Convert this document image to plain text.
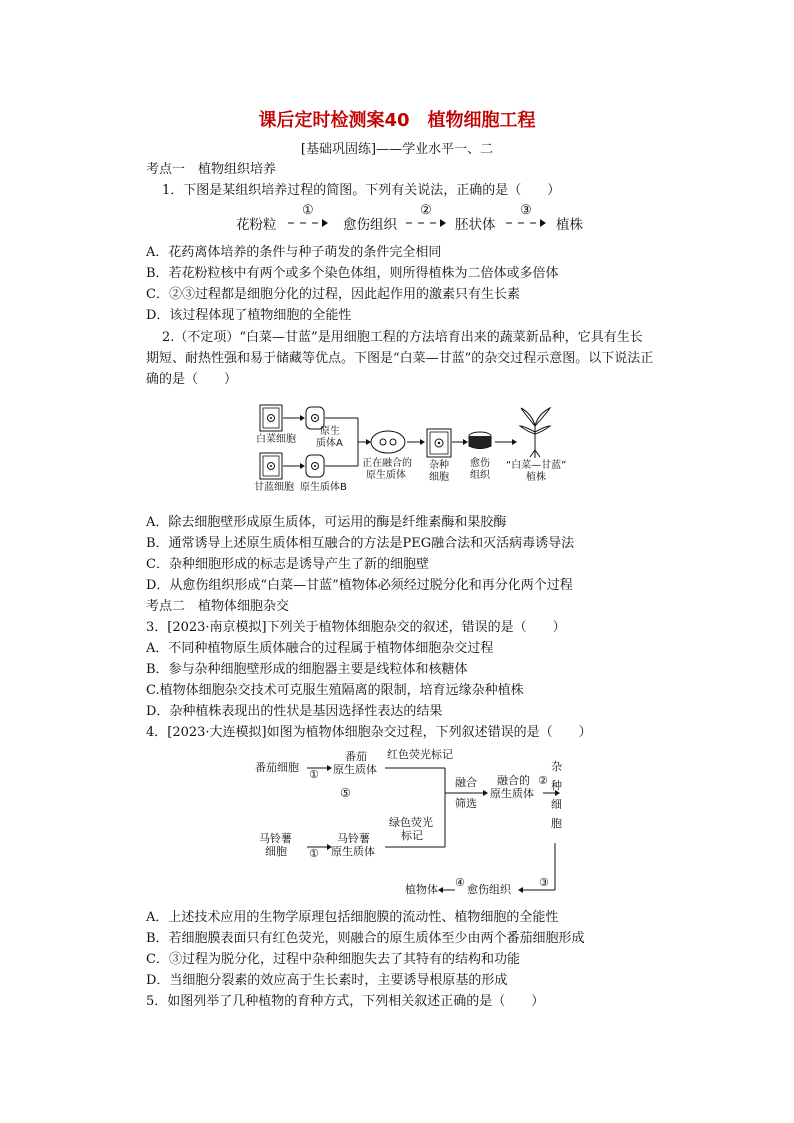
课后定时检测案40　植物细胞工程
[基础巩固练]——学业水平一、二
考点一　植物组织培养
1．下图是某组织培养过程的简图。下列有关说法，正确的是（　　）
花粉粒
①
愈伤组织
②
胚状体
③
植株
A．花药离体培养的条件与种子萌发的条件完全相同
B．若花粉粒核中有两个或多个染色体组，则所得植株为二倍体或多倍体
C．②③过程都是细胞分化的过程，因此起作用的激素只有生长素
D．该过程体现了植物细胞的全能性
2.（不定项）“白菜—甘蓝”是用细胞工程的方法培育出来的蔬菜新品种，它具有生长
期短、耐热性强和易于储藏等优点。下图是“白菜—甘蓝”的杂交过程示意图。以下说法正
确的是（　　）
白菜细胞
原生
质体A
甘蓝细胞 原生质体B
正在融合的
原生质体
杂种
细胞
愈伤
组织
“白菜—甘蓝”
植株
A．除去细胞壁形成原生质体，可运用的酶是纤维素酶和果胶酶
B．通常诱导上述原生质体相互融合的方法是PEG融合法和灭活病毒诱导法
C．杂种细胞形成的标志是诱导产生了新的细胞壁
D．从愈伤组织形成“白菜—甘蓝”植物体必须经过脱分化和再分化两个过程
考点二　植物体细胞杂交
3．[2023·南京模拟]下列关于植物体细胞杂交的叙述，错误的是（　　）
A．不同种植物原生质体融合的过程属于植物体细胞杂交过程
B．参与杂种细胞壁形成的细胞器主要是线粒体和核糖体
C.植物体细胞杂交技术可克服生殖隔离的限制，培育远缘杂种植株
D．杂种植株表现出的性状是基因选择性表达的结果
4．[2023·大连模拟]如图为植物体细胞杂交过程，下列叙述错误的是（　　）
番茄细胞
①
番茄
原生质体
红色荧光标记
⑤
融合
筛选
融合的
原生质体
②
杂
种
细
胞
马铃薯
细胞 ①
马铃薯
原生质体
绿色荧光
标记
植物体
④
愈伤组织
③
A．上述技术应用的生物学原理包括细胞膜的流动性、植物细胞的全能性
B．若细胞膜表面只有红色荧光，则融合的原生质体至少由两个番茄细胞形成
C．③过程为脱分化，过程中杂种细胞失去了其特有的结构和功能
D．当细胞分裂素的效应高于生长素时，主要诱导根原基的形成
5．如图列举了几种植物的育种方式，下列相关叙述正确的是（　　）
